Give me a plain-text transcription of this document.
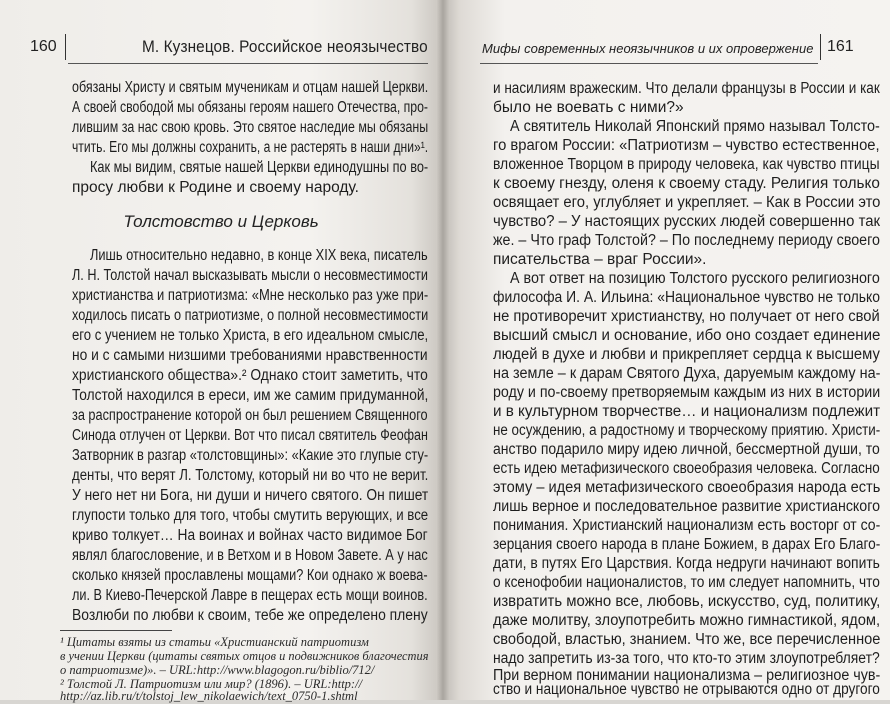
160	М. Кузнецов. Российское неоязычество	Мифы современных неоязычников и их опровержение 161
обязаны Христу и святым мученикам и отцам нашей Церкви.
А своей свободой мы обязаны героям нашего Отечества, про-
лившим за нас свою кровь. Это святое наследие мы обязаны
чтить. Его мы должны сохранить, а не растерять в наши дни»¹.
Как мы видим, святые нашей Церкви единодушны по во-
просу любви к Родине и своему народу.
Толстовство и Церковь
Лишь относительно недавно, в конце XIX века, писатель
Л. Н. Толстой начал высказывать мысли о несовместимости
христианства и патриотизма: «Мне несколько раз уже при-
ходилось писать о патриотизме, о полной несовместимости
его с учением не только Христа, в его идеальном смысле,
но и с самыми низшими требованиями нравственности
христианского общества».² Однако стоит заметить, что
Толстой находился в ереси, им же самим придуманной,
за распространение которой он был решением Священного
Синода отлучен от Церкви. Вот что писал святитель Феофан
Затворник в разгар «толстовщины»: «Какие это глупые сту-
денты, что верят Л. Толстому, который ни во что не верит.
У него нет ни Бога, ни души и ничего святого. Он пишет
глупости только для того, чтобы смутить верующих, и все
криво толкует… На воинах и войнах часто видимое Бог
являл благословение, и в Ветхом и в Новом Завете. А у нас
сколько князей прославлены мощами? Кои однако ж воева-
ли. В Киево-Печерской Лавре в пещерах есть мощи воинов.
Возлюби по любви к своим, тебе же определено плену
¹ Цитаты взяты из статьи «Христианский патриотизм
в учении Церкви (цитаты святых отцов и подвижников благочестия
о патриотизме)». – URL:http://www.blagogon.ru/biblio/712/
² Толстой Л. Патриотизм или мир? (1896). – URL:http://
http://az.lib.ru/t/tolstoj_lew_nikolaewich/text_0750-1.shtml
и насилиям вражеским. Что делали французы в России и как
было не воевать с ними?»
А святитель Николай Японский прямо называл Толсто-
го врагом России: «Патриотизм – чувство естественное,
вложенное Творцом в природу человека, как чувство птицы
к своему гнезду, оленя к своему стаду. Религия только
освящает его, углубляет и укрепляет. – Как в России это
чувство? – У настоящих русских людей совершенно так
же. – Что граф Толстой? – По последнему периоду своего
писательства – враг России».
А вот ответ на позицию Толстого русского религиозного
философа И. А. Ильина: «Национальное чувство не только
не противоречит христианству, но получает от него свой
высший смысл и основание, ибо оно создает единение
людей в духе и любви и прикрепляет сердца к высшему
на земле – к дарам Святого Духа, даруемым каждому на-
роду и по-своему претворяемым каждым из них в истории
и в культурном творчестве… и национализм подлежит
не осуждению, а радостному и творческому приятию. Христи-
анство подарило миру идею личной, бессмертной души, то
есть идею метафизического своеобразия человека. Согласно
этому – идея метафизического своеобразия народа есть
лишь верное и последовательное развитие христианского
понимания. Христианский национализм есть восторг от со-
зерцания своего народа в плане Божием, в дарах Его Благо-
дати, в путях Его Царствия. Когда недруги начинают вопить
о ксенофобии националистов, то им следует напомнить, что
извратить можно все, любовь, искусство, суд, политику,
даже молитву, злоупотребить можно гимнастикой, ядом,
свободой, властью, знанием. Что же, все перечисленное
надо запретить из-за того, что кто-то этим злоупотребляет?
При верном понимании национализма – религиозное чув-
ство и национальное чувство не отрываются одно от другого
